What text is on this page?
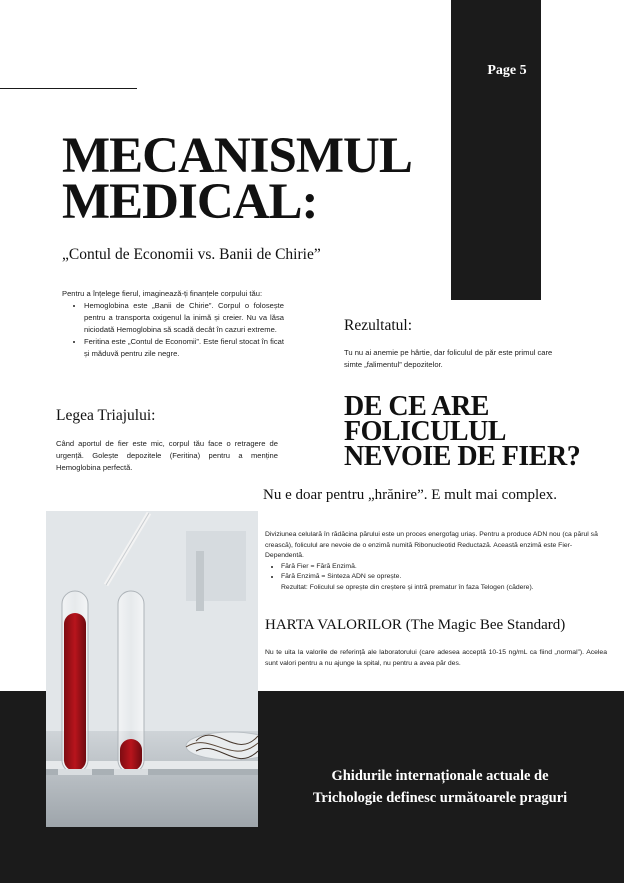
Page 5
MECANISMUL
MEDICAL:
„Contul de Economii vs. Banii de Chirie”
Pentru a înțelege fierul, imaginează-ți finanțele corpului tău:
• Hemoglobina este „Banii de Chirie”. Corpul o folosește pentru a transporta oxigenul la inimă și creier. Nu va lăsa niciodată Hemoglobina să scadă decât în cazuri extreme.
• Feritina este „Contul de Economii”. Este fierul stocat în ficat și măduvă pentru zile negre.
Rezultatul:
Tu nu ai anemie pe hârtie, dar foliculul de păr este primul care simte „falimentul” depozitelor.
Legea Triajului:
Când aportul de fier este mic, corpul tău face o retragere de urgență. Golește depozitele (Feritina) pentru a menține Hemoglobina perfectă.
DE CE ARE
FOLICULUL
NEVOIE DE FIER?
Nu e doar pentru „hrănire”. E mult mai complex.
Diviziunea celulară în rădăcina părului este un proces energofag uriaș. Pentru a produce ADN nou (ca părul să crească), foliculul are nevoie de o enzimă numită Ribonucleotid Reductază. Această enzimă este Fier-Dependentă.
• Fără Fier = Fără Enzimă.
• Fără Enzimă = Sinteza ADN se oprește.
Rezultat: Foliculul se oprește din creștere și intră prematur în faza Telogen (cădere).
HARTA VALORILOR (The Magic Bee Standard)
Nu te uita la valorile de referință ale laboratorului (care adesea acceptă 10-15 ng/mL ca fiind „normal”). Acelea sunt valori pentru a nu ajunge la spital, nu pentru a avea păr des.
Ghidurile internaționale actuale de
Trichologie definesc următoarele praguri
